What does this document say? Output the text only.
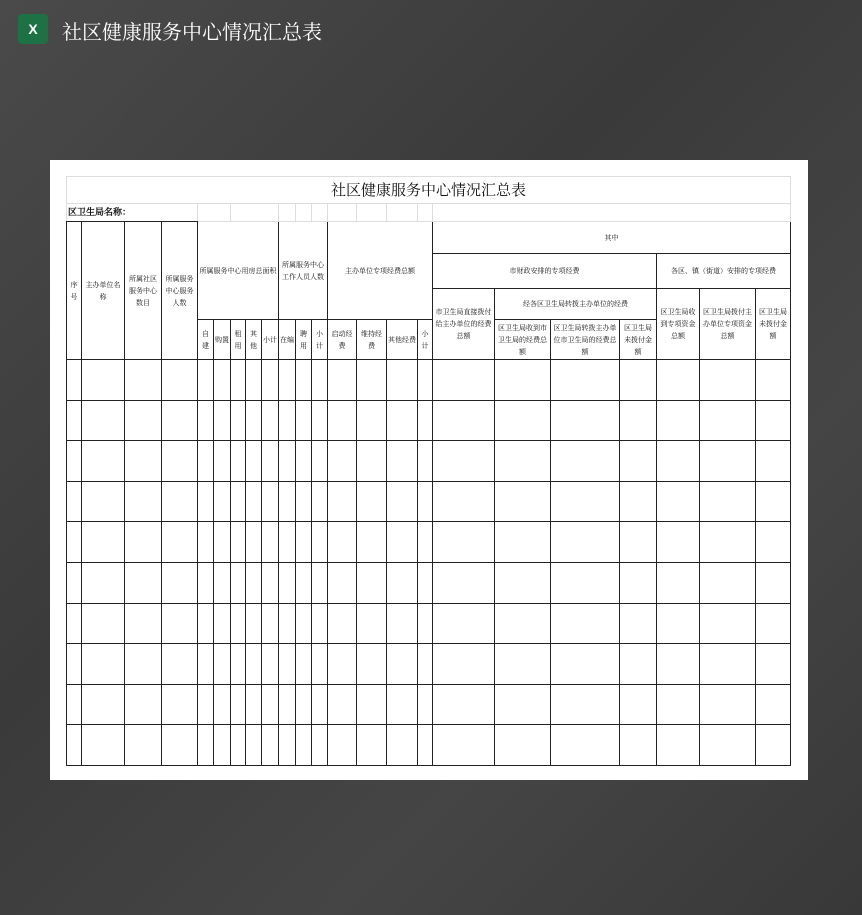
X	社区健康服务中心情况汇总表
社区健康服务中心情况汇总表																						
区卫生局名称：																						
序号	主办单位名称	所属社区服务中心数目	所属服务中心服务人数	所属服务中心用房总面积					所属服务中心工作人员人数			主办单位专项经费总额				其中						
																市财政安排的专项经费				各区、镇（街道）安排的专项经费		
																市卫生局直接拨付给主办单位的经费总额	经各区卫生局转拨主办单位的经费			区卫生局收到专项资金总额	区卫生局拨付主办单位专项资金总额	区卫生局未拨付金额
				自建	购置	租用	其他	小计	在编	聘用	小计	启动经费	维持经费	其他经费	小计		区卫生局收到市卫生局的经费总额	区卫生局转拨主办单位市卫生局的经费总额	区卫生局未拨付金额			
